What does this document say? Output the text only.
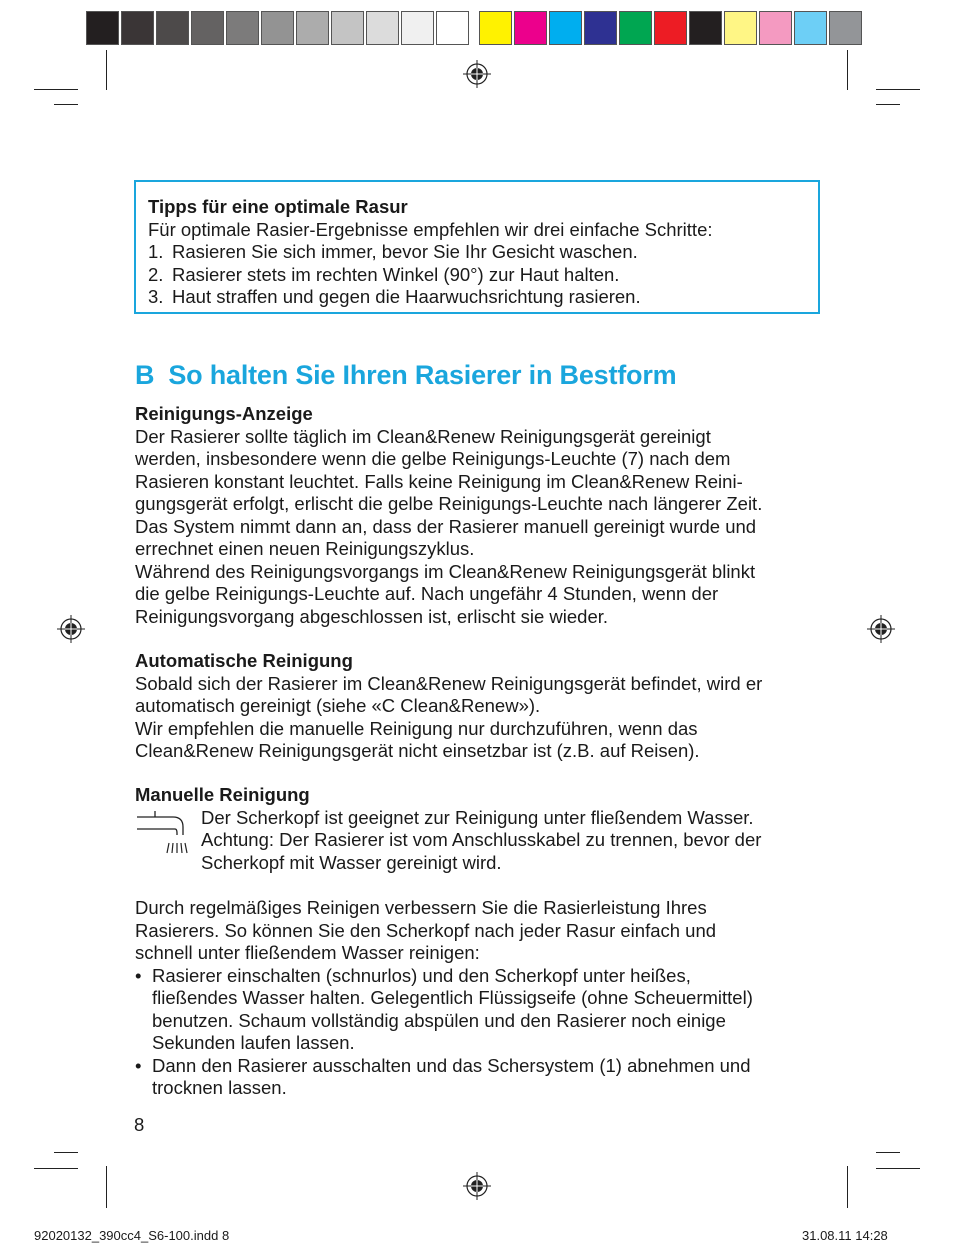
Tipps für eine optimale Rasur
Für optimale Rasier-Ergebnisse empfehlen wir drei einfache Schritte:
1. Rasieren Sie sich immer, bevor Sie Ihr Gesicht waschen.
2. Rasierer stets im rechten Winkel (90°) zur Haut halten.
3. Haut straffen und gegen die Haarwuchsrichtung rasieren.
B So halten Sie Ihren Rasierer in Bestform
Reinigungs-Anzeige
Der Rasierer sollte täglich im Clean&Renew Reinigungsgerät gereinigt
werden, insbesondere wenn die gelbe Reinigungs-Leuchte (7) nach dem
Rasieren konstant leuchtet. Falls keine Reinigung im Clean&Renew Reini-
gungsgerät erfolgt, erlischt die gelbe Reinigungs-Leuchte nach längerer Zeit.
Das System nimmt dann an, dass der Rasierer manuell gereinigt wurde und
errechnet einen neuen Reinigungszyklus.
Während des Reinigungsvorgangs im Clean&Renew Reinigungsgerät blinkt
die gelbe Reinigungs-Leuchte auf. Nach ungefähr 4 Stunden, wenn der
Reinigungsvorgang abgeschlossen ist, erlischt sie wieder.
Automatische Reinigung
Sobald sich der Rasierer im Clean&Renew Reinigungsgerät befindet, wird er
automatisch gereinigt (siehe «C Clean&Renew»).
Wir empfehlen die manuelle Reinigung nur durchzuführen, wenn das
Clean&Renew Reinigungsgerät nicht einsetzbar ist (z.B. auf Reisen).
Manuelle Reinigung
Der Scherkopf ist geeignet zur Reinigung unter fließendem Wasser.
Achtung: Der Rasierer ist vom Anschlusskabel zu trennen, bevor der
Scherkopf mit Wasser gereinigt wird.
Durch regelmäßiges Reinigen verbessern Sie die Rasierleistung Ihres
Rasierers. So können Sie den Scherkopf nach jeder Rasur einfach und
schnell unter fließendem Wasser reinigen:
• Rasierer einschalten (schnurlos) und den Scherkopf unter heißes,
fließendes Wasser halten. Gelegentlich Flüssigseife (ohne Scheuermittel)
benutzen. Schaum vollständig abspülen und den Rasierer noch einige
Sekunden laufen lassen.
• Dann den Rasierer ausschalten und das Schersystem (1) abnehmen und
trocknen lassen.
8
92020132_390cc4_S6-100.indd 8	31.08.11 14:28
